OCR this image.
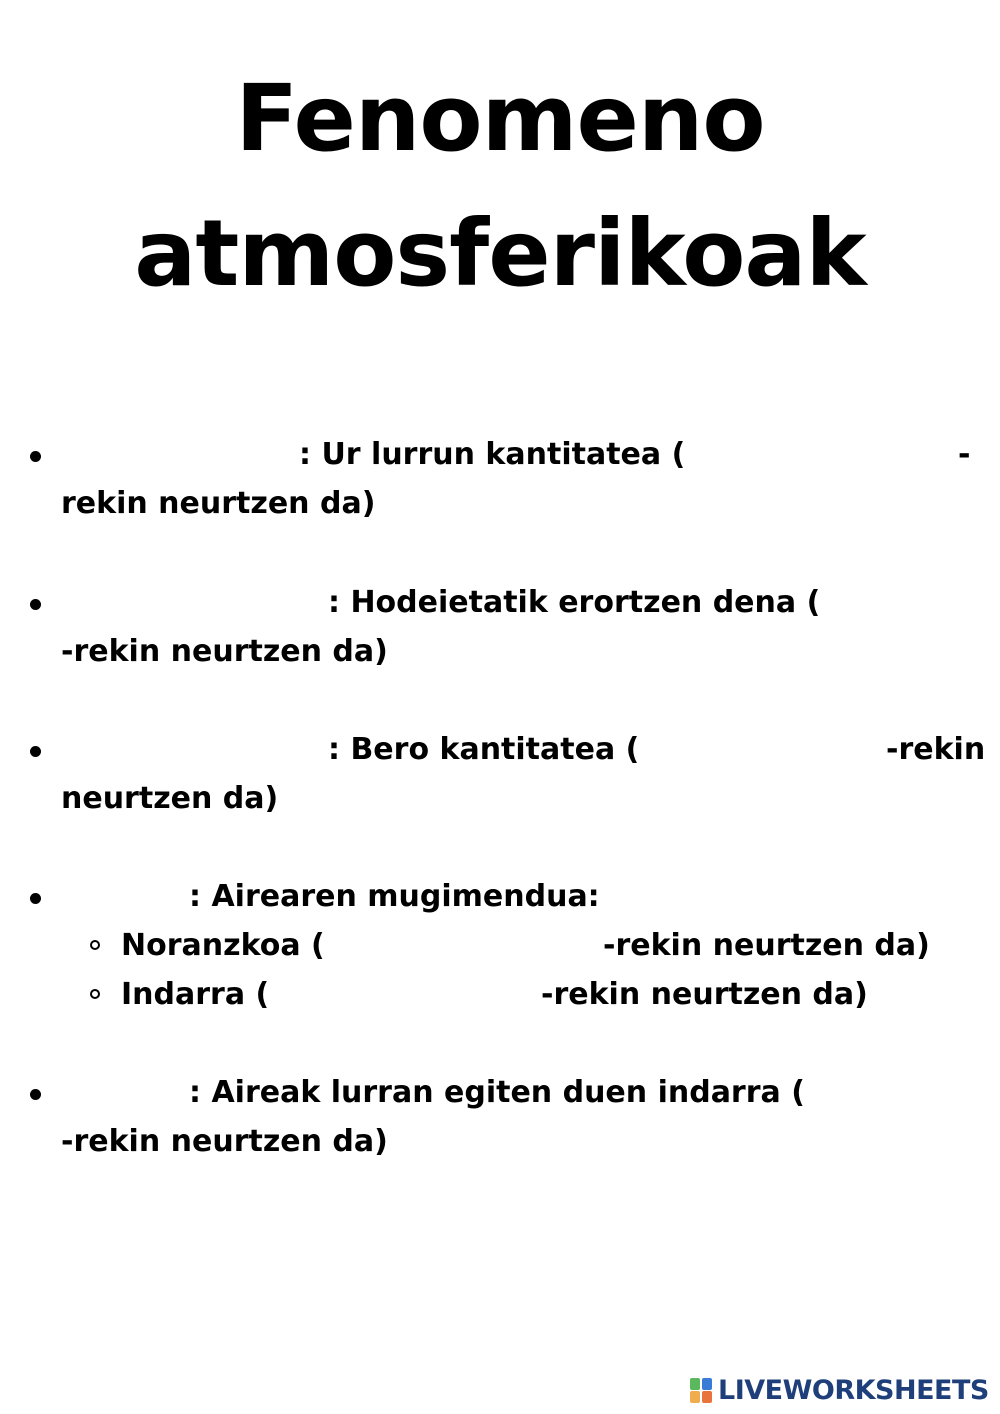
Fenomeno
atmosferikoak
: Ur lurrun kantitatea (	-
rekin neurtzen da)
: Hodeietatik erortzen dena (
-rekin neurtzen da)
: Bero kantitatea (	-rekin
neurtzen da)
: Airearen mugimendua:
Noranzkoa (	-rekin neurtzen da)
Indarra (	-rekin neurtzen da)
: Aireak lurran egiten duen indarra (
-rekin neurtzen da)
LIVEWORKSHEETS
